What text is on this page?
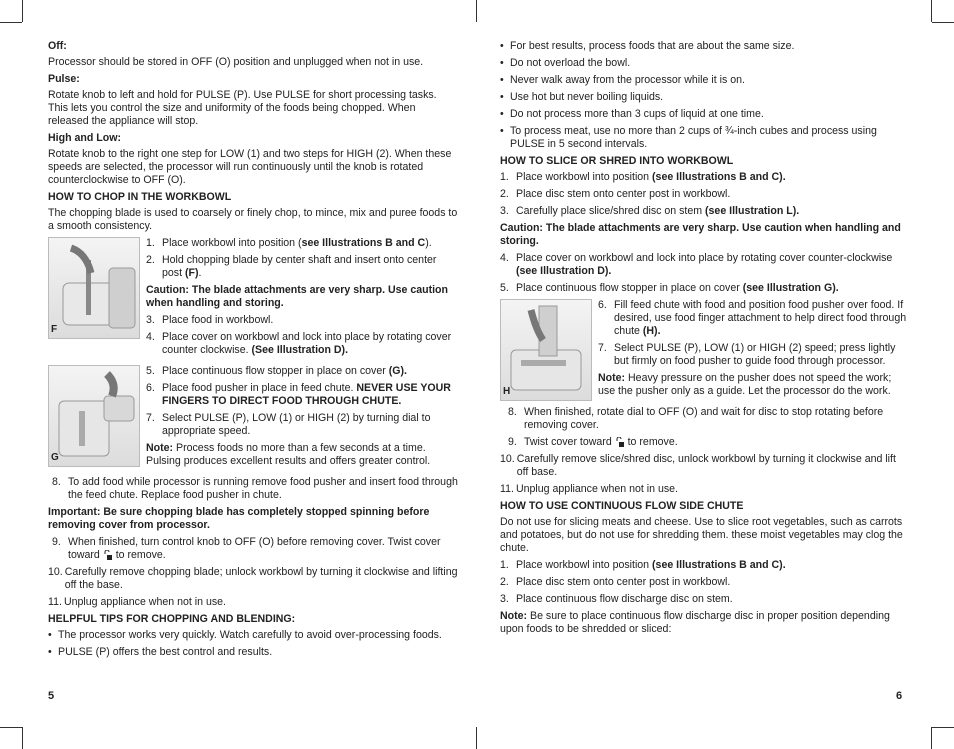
Off:

Processor should be stored in OFF (O) position and unplugged when not in use.

Pulse:

Rotate knob to left and hold for PULSE (P). Use PULSE for short processing tasks. This lets you control the size and uniformity of the foods being chopped. When released the appliance will stop.

High and Low:

Rotate knob to the right one step for LOW (1) and two steps for HIGH (2). When these speeds are selected, the processor will run continuously until the knob is rotated counterclockwise to OFF (O).

HOW TO CHOP IN THE WORKBOWL

The chopping blade is used to coarsely or finely chop, to mince, mix and puree foods to a smooth consistency.

F
1. Place workbowl into position (see Illustrations B and C).
2. Hold chopping blade by center shaft and insert onto center post (F).

Caution: The blade attachments are very sharp. Use caution when handling and storing.

3. Place food in workbowl.
4. Place cover on workbowl and lock into place by rotating cover counter clockwise. (See Illustration D).
G
5. Place continuous flow stopper in place on cover (G).
6. Place food pusher in place in feed chute. NEVER USE YOUR FINGERS TO DIRECT FOOD THROUGH CHUTE.
7. Select PULSE (P), LOW (1) or HIGH (2) by turning dial to appropriate speed.

Note: Process foods no more than a few seconds at a time. Pulsing produces excellent results and offers greater control.

8. To add food while processor is running remove food pusher and insert food through the feed chute. Replace food pusher in chute.

Important: Be sure chopping blade has completely stopped spinning before removing cover from processor.

9. When finished, turn control knob to OFF (O) before removing cover. Twist cover toward  to remove.
10. Carefully remove chopping blade; unlock workbowl by turning it clockwise and lifting off the base.
11. Unplug appliance when not in use.
HELPFUL TIPS FOR CHOPPING AND BLENDING:
• The processor works very quickly. Watch carefully to avoid over-processing foods.
• PULSE (P) offers the best control and results.
5
• For best results, process foods that are about the same size.
• Do not overload the bowl.
• Never walk away from the processor while it is on.
• Use hot but never boiling liquids.
• Do not process more than 3 cups of liquid at one time.
• To process meat, use no more than 2 cups of ¾-inch cubes and process using PULSE in 5 second intervals.
HOW TO SLICE OR SHRED INTO WORKBOWL
1. Place workbowl into position (see Illustrations B and C).
2. Place disc stem onto center post in workbowl.
3. Carefully place slice/shred disc on stem (see Illustration L).

Caution: The blade attachments are very sharp. Use caution when handling and storing.

4. Place cover on workbowl and lock into place by rotating cover counter-clockwise (see Illustration D).
5. Place continuous flow stopper in place on cover (see Illustration G).
H
6. Fill feed chute with food and position food pusher over food. If desired, use food finger attachment to help direct food through chute (H).
7. Select PULSE (P), LOW (1) or HIGH (2) speed; press lightly but firmly on food pusher to guide food through processor.

Note: Heavy pressure on the pusher does not speed the work; use the pusher only as a guide. Let the processor do the work.

8. When finished, rotate dial to OFF (O) and wait for disc to stop rotating before removing cover.
9. Twist cover toward  to remove.
10. Carefully remove slice/shred disc, unlock workbowl by turning it clockwise and lift off base.
11. Unplug appliance when not in use.
HOW TO USE CONTINUOUS FLOW SIDE CHUTE

Do not use for slicing meats and cheese. Use to slice root vegetables, such as carrots and potatoes, but do not use for shredding them. these moist vegetables may clog the chute.

1. Place workbowl into position (see Illustrations B and C).
2. Place disc stem onto center post in workbowl.
3. Place continuous flow discharge disc on stem.

Note: Be sure to place continuous flow discharge disc in proper position depending upon foods to be shredded or sliced:

6
